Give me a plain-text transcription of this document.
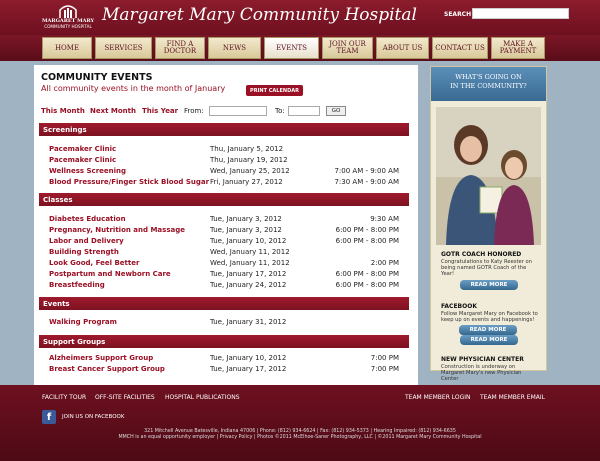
MARGARET MARY
COMMUNITY HOSPITAL
Margaret Mary Community Hospital	SEARCH
HOME	SERVICES	FIND A DOCTOR	NEWS	EVENTS	JOIN OUR TEAM	ABOUT US	CONTACT US	MAKE A PAYMENT
COMMUNITY EVENTS
All community events in the month of January	PRINT CALENDAR
This Month Next Month This Year From:	To:	GO
Screenings
Pacemaker Clinic	Thu, January 5, 2012
Pacemaker Clinic	Thu, January 19, 2012
Wellness Screening	Wed, January 25, 2012	7:00 AM - 9:00 AM
Blood Pressure/Finger Stick Blood Sugar Fri, January 27, 2012	7:30 AM - 9:00 AM
Classes
Diabetes Education	Tue, January 3, 2012	9:30 AM
Pregnancy, Nutrition and Massage	Tue, January 3, 2012	6:00 PM - 8:00 PM
Labor and Delivery	Tue, January 10, 2012	6:00 PM - 8:00 PM
Building Strength	Wed, January 11, 2012
Look Good, Feel Better	Wed, January 11, 2012	2:00 PM
Postpartum and Newborn Care	Tue, January 17, 2012	6:00 PM - 8:00 PM
Breastfeeding	Tue, January 24, 2012	6:00 PM - 8:00 PM
Events
Walking Program	Tue, January 31, 2012
Support Groups
Alzheimers Support Group	Tue, January 10, 2012	7:00 PM
Breast Cancer Support Group	Tue, January 17, 2012	7:00 PM
WHAT'S GOING ON
IN THE COMMUNITY?
GOTR COACH HONORED
Congratulations to Katy Reester on being named GOTR Coach of the Year!
READ MORE
FACEBOOK
Follow Margaret Mary on Facebook to keep up on events and happenings!
READ MORE
NEW PHYSICIAN CENTER
Construction is underway on Margaret Mary's new Physician Center
READ MORE
FACILITY TOUR OFF-SITE FACILITIES HOSPITAL PUBLICATIONS	TEAM MEMBER LOGIN TEAM MEMBER EMAIL
f	JOIN US ON FACEBOOK
321 Mitchell Avenue Batesville, Indiana 47006 | Phone: (812) 934-6624 | Fax: (812) 934-5373 | Hearing Impaired: (812) 934-6635
MMCH is an equal opportunity employer | Privacy Policy | Photos ©2011 McElhoe-Saner Photography, LLC | ©2011 Margaret Mary Community Hospital
